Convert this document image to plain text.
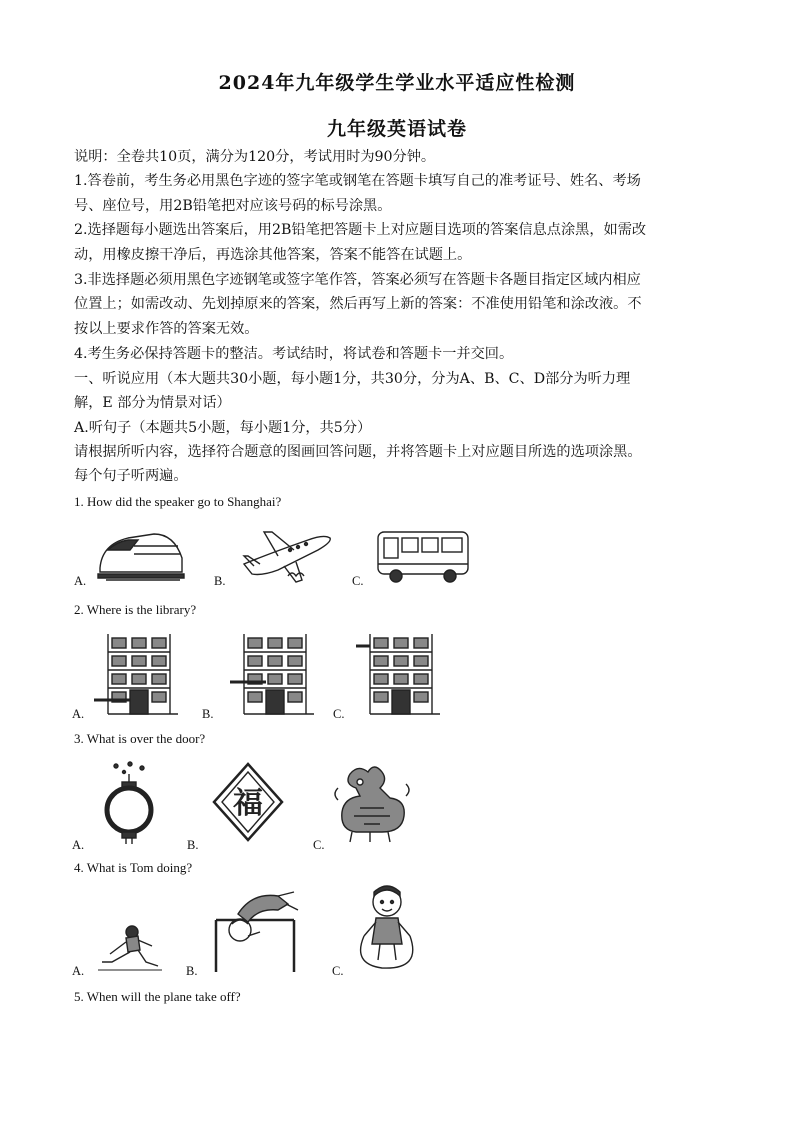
2024年九年级学生学业水平适应性检测
九年级英语试卷
说明：全卷共10页，满分为120分，考试用时为90分钟。
1.答卷前，考生务必用黑色字迹的签字笔或钢笔在答题卡填写自己的准考证号、姓名、考场
号、座位号，用2B铅笔把对应该号码的标号涂黑。
2.选择题每小题选出答案后，用2B铅笔把答题卡上对应题目选项的答案信息点涂黑，如需改
动，用橡皮擦干净后，再选涂其他答案，答案不能答在试题上。
3.非选择题必须用黑色字迹钢笔或签字笔作答，答案必须写在答题卡各题目指定区域内相应
位置上；如需改动、先划掉原来的答案，然后再写上新的答案：不准使用铅笔和涂改液。不
按以上要求作答的答案无效。
4.考生务必保持答题卡的整洁。考试结时，将试卷和答题卡一并交回。
一、听说应用（本大题共30小题，每小题1分，共30分，分为A、B、C、D部分为听力理
解，E 部分为情景对话）
A.听句子（本题共5小题，每小题1分，共5分）
请根据所听内容，选择符合题意的图画回答问题，并将答题卡上对应题目所选的选项涂黑。
每个句子听两遍。
1. How did the speaker go to Shanghai?
A.	B.	C.
2. Where is the library?
A.	B.	C.
3. What is over the door?
A.	B.
福
C.
4. What is Tom doing?
A.	B.	C.
5. When will the plane take off?
